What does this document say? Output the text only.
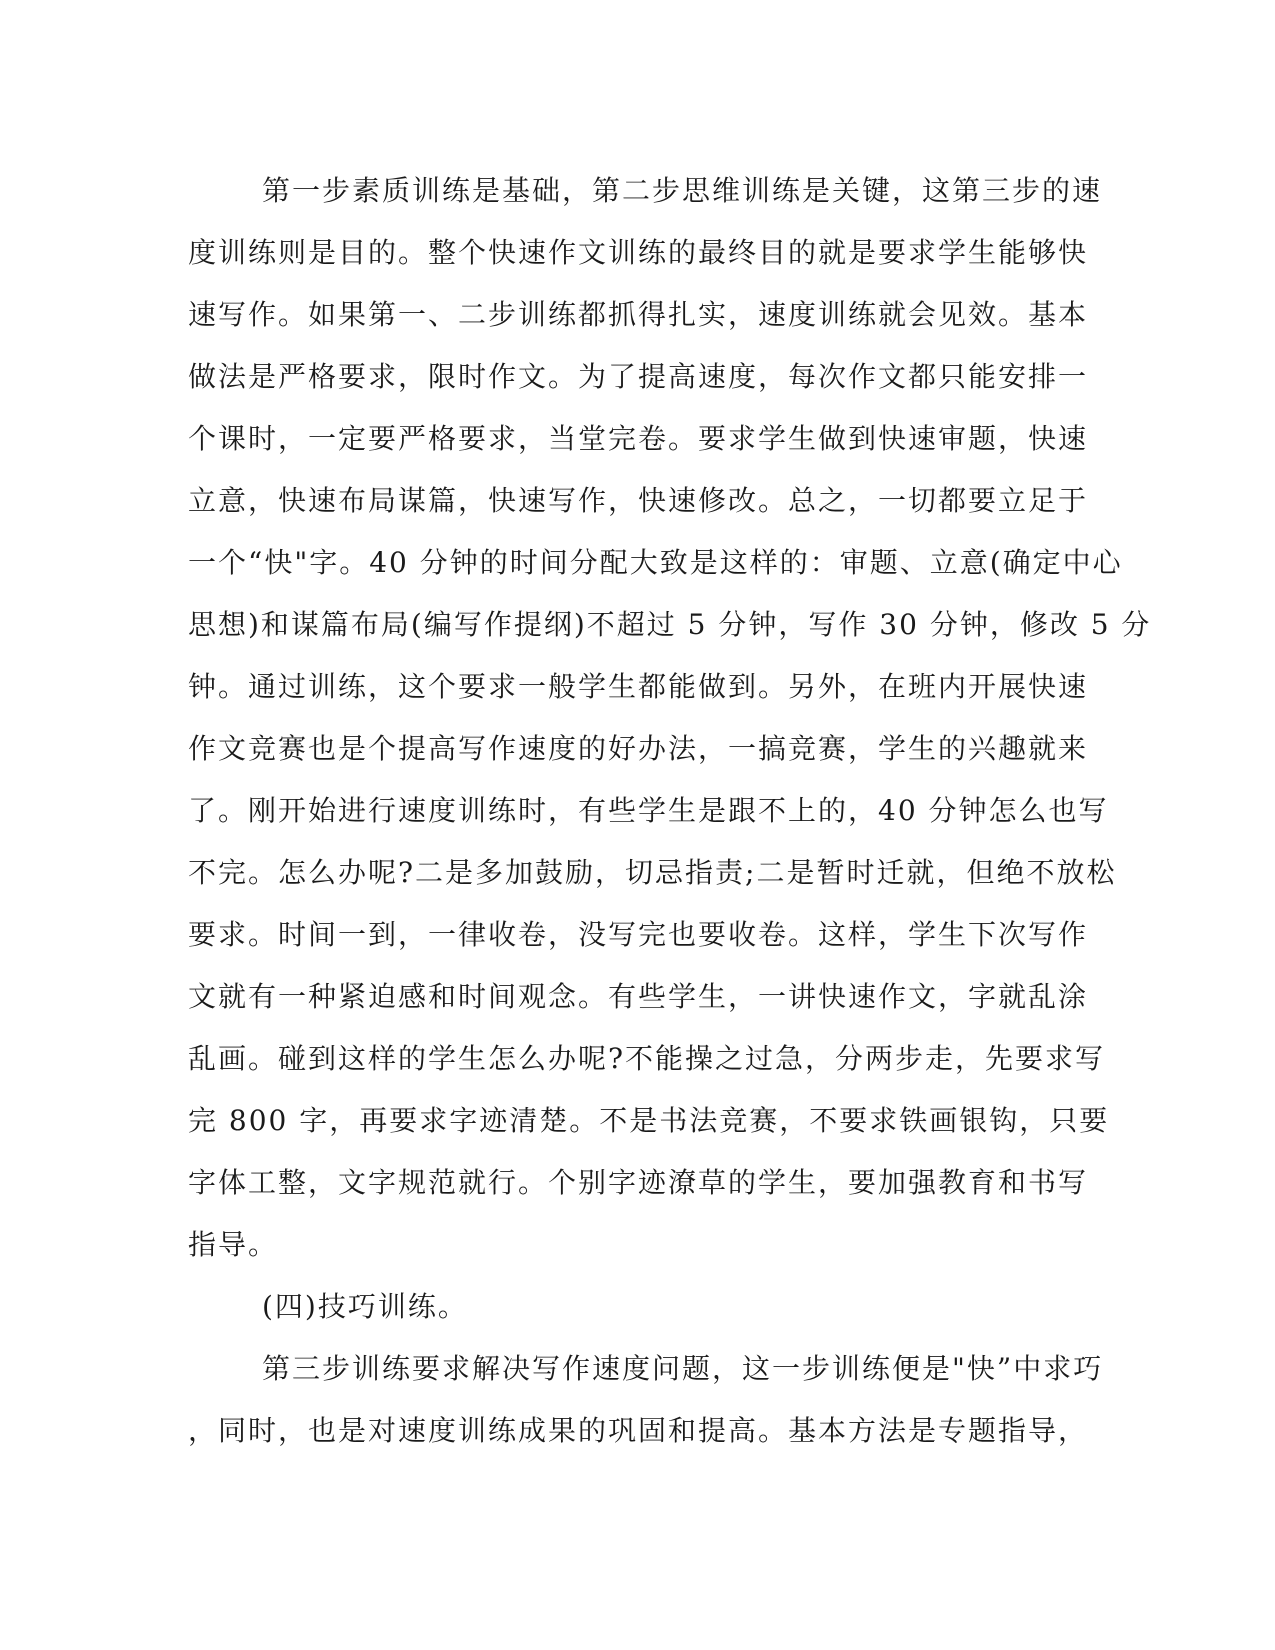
第一步素质训练是基础，第二步思维训练是关键，这第三步的速
度训练则是目的。整个快速作文训练的最终目的就是要求学生能够快
速写作。如果第一、二步训练都抓得扎实，速度训练就会见效。基本
做法是严格要求，限时作文。为了提高速度，每次作文都只能安排一
个课时，一定要严格要求，当堂完卷。要求学生做到快速审题，快速
立意，快速布局谋篇，快速写作，快速修改。总之，一切都要立足于
一个“快"字。40 分钟的时间分配大致是这样的：审题、立意(确定中心
思想)和谋篇布局(编写作提纲)不超过 5 分钟，写作 30 分钟，修改 5 分
钟。通过训练，这个要求一般学生都能做到。另外，在班内开展快速
作文竞赛也是个提高写作速度的好办法，一搞竞赛，学生的兴趣就来
了。刚开始进行速度训练时，有些学生是跟不上的，40 分钟怎么也写
不完。怎么办呢?二是多加鼓励，切忌指责;二是暂时迁就，但绝不放松
要求。时间一到，一律收卷，没写完也要收卷。这样，学生下次写作
文就有一种紧迫感和时间观念。有些学生，一讲快速作文，字就乱涂
乱画。碰到这样的学生怎么办呢?不能操之过急，分两步走，先要求写
完 800 字，再要求字迹清楚。不是书法竞赛，不要求铁画银钩，只要
字体工整，文字规范就行。个别字迹潦草的学生，要加强教育和书写
指导。
(四)技巧训练。
第三步训练要求解决写作速度问题，这一步训练便是"快”中求巧
，同时，也是对速度训练成果的巩固和提高。基本方法是专题指导，
